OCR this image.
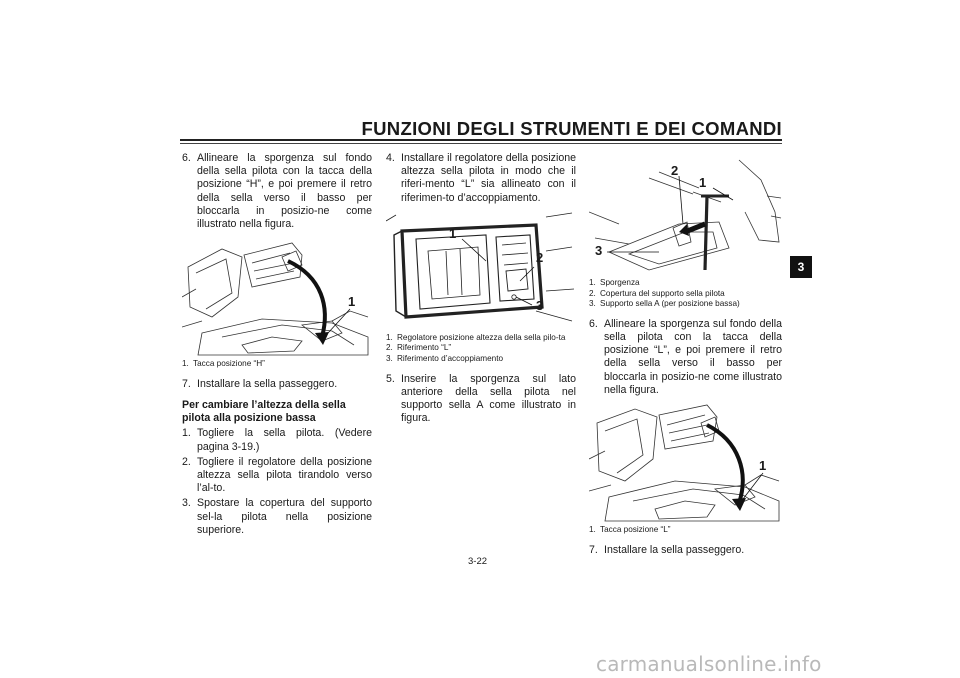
FUNZIONI DEGLI STRUMENTI E DEI COMANDI
3
6. Allineare la sporgenza sul fondo della sella pilota con la tacca della posizione “H”, e poi premere il retro della sella verso il basso per bloccarla in posizio-ne come illustrato nella figura.
1
1. Tacca posizione “H”
7. Installare la sella passeggero.
Per cambiare l’altezza della sella pilota alla posizione bassa
1. Togliere la sella pilota. (Vedere pagina 3-19.)
2. Togliere il regolatore della posizione altezza sella pilota tirandolo verso l’al-to.
3. Spostare la copertura del supporto sel-la pilota nella posizione superiore.
4. Installare il regolatore della posizione altezza sella pilota in modo che il riferi-mento “L” sia allineato con il riferimen-to d’accoppiamento.
1
2
3
1. Regolatore posizione altezza della sella pilo-ta
2. Riferimento “L”
3. Riferimento d’accoppiamento
5. Inserire la sporgenza sul lato anteriore della sella pilota nel supporto sella A come illustrato in figura.
2
1
3
1. Sporgenza
2. Copertura del supporto sella pilota
3. Supporto sella A (per posizione bassa)
6. Allineare la sporgenza sul fondo della sella pilota con la tacca della posizione “L”, e poi premere il retro della sella verso il basso per bloccarla in posizio-ne come illustrato nella figura.
1
1. Tacca posizione “L”
7. Installare la sella passeggero.
3-22
carmanualsonline.info
